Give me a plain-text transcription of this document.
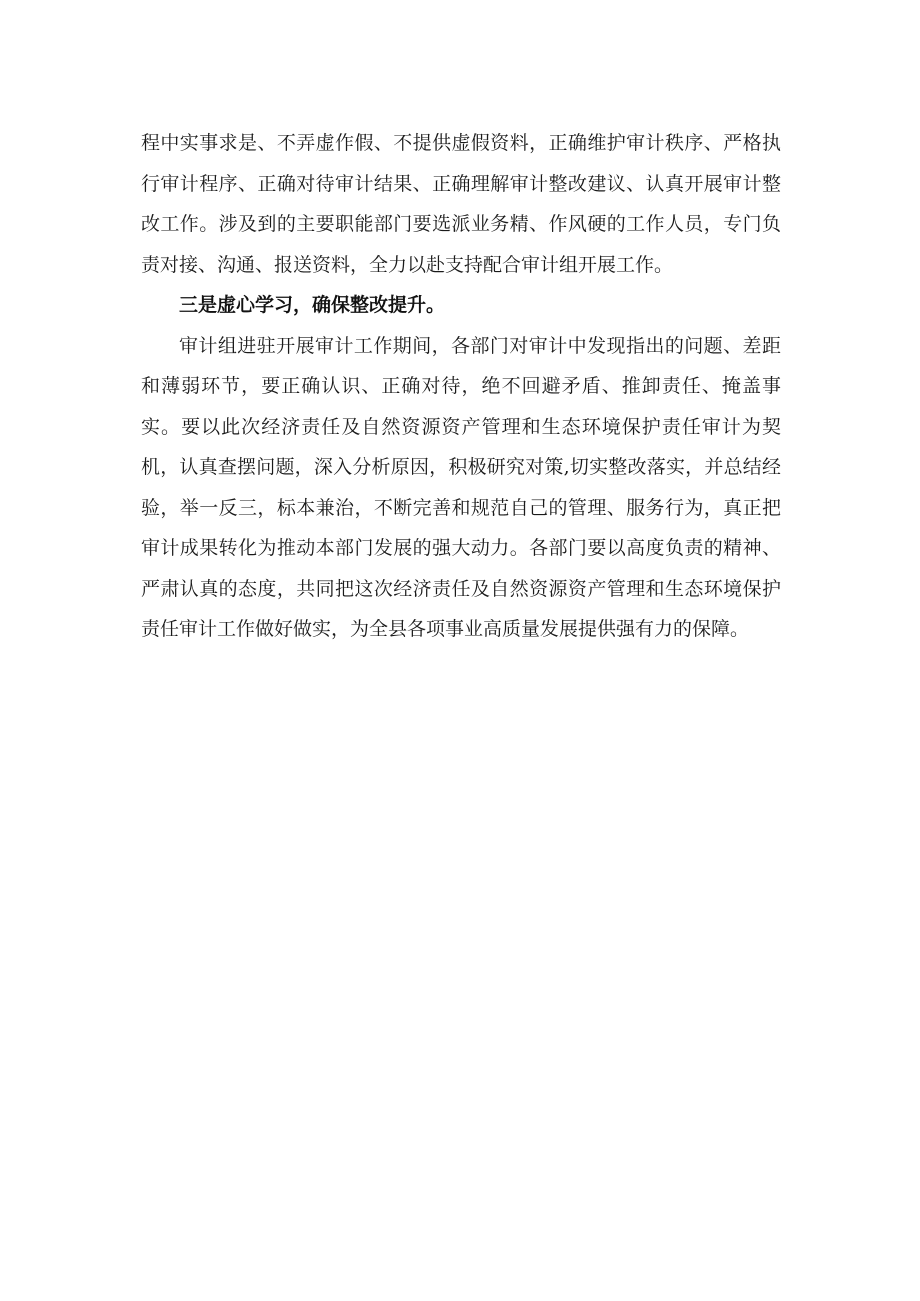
程中实事求是、不弄虚作假、不提供虚假资料，正确维护审计秩序、严格执行审计程序、正确对待审计结果、正确理解审计整改建议、认真开展审计整改工作。涉及到的主要职能部门要选派业务精、作风硬的工作人员，专门负责对接、沟通、报送资料，全力以赴支持配合审计组开展工作。

三是虚心学习，确保整改提升。

审计组进驻开展审计工作期间，各部门对审计中发现指出的问题、差距和薄弱环节，要正确认识、正确对待，绝不回避矛盾、推卸责任、掩盖事实。要以此次经济责任及自然资源资产管理和生态环境保护责任审计为契机，认真查摆问题，深入分析原因，积极研究对策,切实整改落实，并总结经验，举一反三，标本兼治，不断完善和规范自己的管理、服务行为，真正把审计成果转化为推动本部门发展的强大动力。各部门要以高度负责的精神、严肃认真的态度，共同把这次经济责任及自然资源资产管理和生态环境保护责任审计工作做好做实，为全县各项事业高质量发展提供强有力的保障。
